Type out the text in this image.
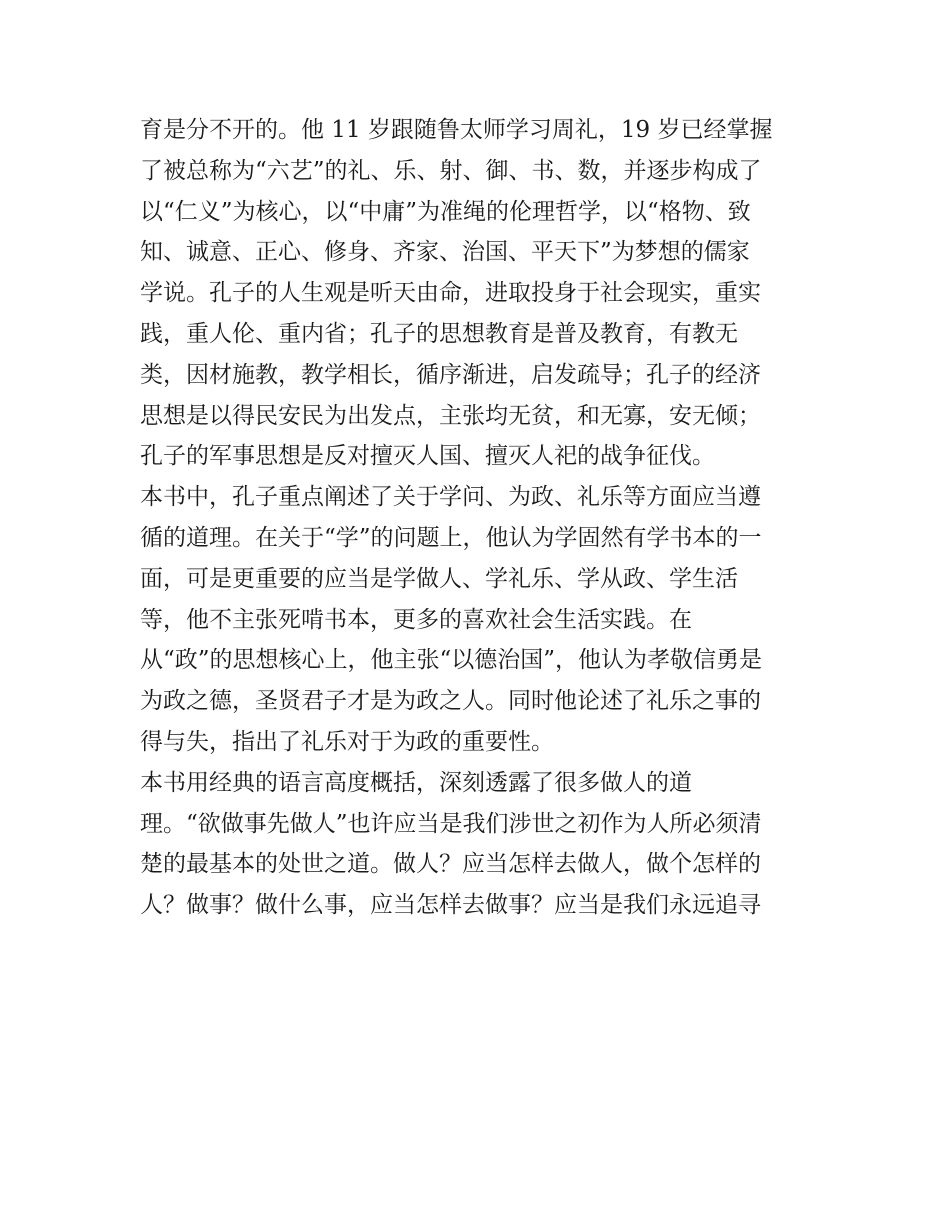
育是分不开的。他 11 岁跟随鲁太师学习周礼，19 岁已经掌握
了被总称为“六艺”的礼、乐、射、御、书、数，并逐步构成了
以“仁义”为核心，以“中庸”为准绳的伦理哲学，以“格物、致
知、诚意、正心、修身、齐家、治国、平天下”为梦想的儒家
学说。孔子的人生观是听天由命，进取投身于社会现实，重实
践，重人伦、重内省；孔子的思想教育是普及教育，有教无
类，因材施教，教学相长，循序渐进，启发疏导；孔子的经济
思想是以得民安民为出发点，主张均无贫，和无寡，安无倾；
孔子的军事思想是反对擅灭人国、擅灭人祀的战争征伐。
本书中，孔子重点阐述了关于学问、为政、礼乐等方面应当遵
循的道理。在关于“学”的问题上，他认为学固然有学书本的一
面，可是更重要的应当是学做人、学礼乐、学从政、学生活
等，他不主张死啃书本，更多的喜欢社会生活实践。在
从“政”的思想核心上，他主张“以德治国”，他认为孝敬信勇是
为政之德，圣贤君子才是为政之人。同时他论述了礼乐之事的
得与失，指出了礼乐对于为政的重要性。
本书用经典的语言高度概括，深刻透露了很多做人的道
理。“欲做事先做人”也许应当是我们涉世之初作为人所必须清
楚的最基本的处世之道。做人？应当怎样去做人，做个怎样的
人？做事？做什么事，应当怎样去做事？应当是我们永远追寻
